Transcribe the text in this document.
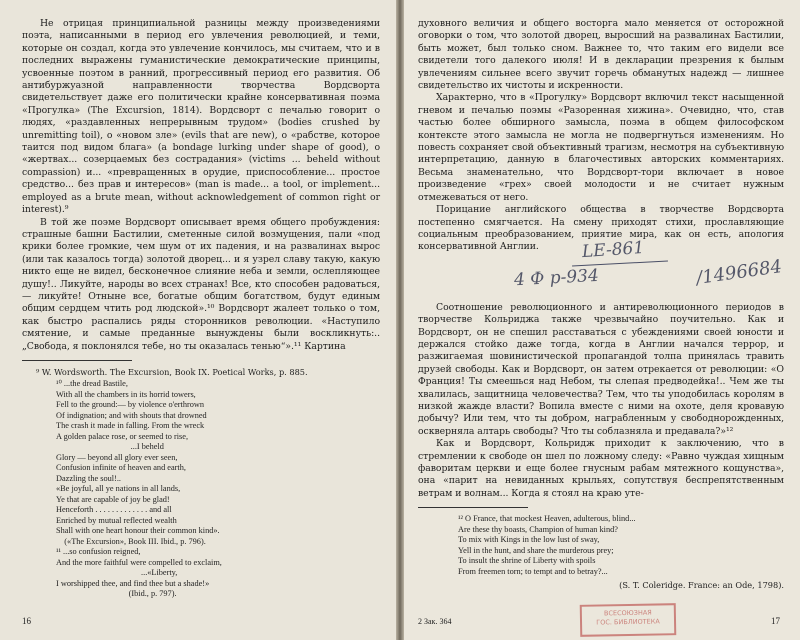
Не отрицая принципиальной разницы между произведениями поэта, написанными в период его увлечения революцией, и теми, которые он создал, когда это увлечение кончилось, мы считаем, что и в последних выражены гуманистические демократические принципы, усвоенные поэтом в ранний, прогрессивный период его развития. Об антибуржуазной направленности творчества Вордсворта свидетельствует даже его политически крайне консервативная поэма «Прогулка» (The Excursion, 1814). Вордсворт с печалью говорит о людях, «раздавленных непрерывным трудом» (bodies crushed by unremitting toil), о «новом зле» (evils that are new), о «рабстве, которое таится под видом блага» (a bondage lurking under shape of good), о «жертвах... созерцаемых без сострадания» (victims ... beheld without compassion) и... «превращенных в орудие, приспособление... простое средство... без прав и интересов» (man is made... a tool, or implement... employed as a brute mean, without acknowledgement of common right or interest).⁹

В той же поэме Вордсворт описывает время общего пробуждения: страшные башни Бастилии, сметенные силой возмущения, пали «под крики более громкие, чем шум от их падения, и на развалинах вырос (или так казалось тогда) золотой дворец... и я узрел славу такую, какую никто еще не видел, бесконечное слияние неба и земли, ослепляющее душу!.. Ликуйте, народы во всех странах! Все, кто способен радоваться,— ликуйте! Отныне все, богатые общим богатством, будут единым общим сердцем чтить род людской».¹⁰ Вордсворт жалеет только о том, как быстро распались ряды сторонников революции. «Наступило смятение, и самые преданные вынуждены были воскликнуть:.. „Свобода, я поклонялся тебе, но ты оказалась тенью“».¹¹ Картина

⁹ W. Wordsworth. The Excursion, Book IX. Poetical Works, p. 885.

¹⁰ ...the dread Bastile,
With all the chambers in its horrid towers,
Fell to the ground:— by violence o'erthrown
Of indignation; and with shouts that drowned
The crash it made in falling. From the wreck
A golden palace rose, or seemed to rise,
...I beheld
Glory — beyond all glory ever seen,
Confusion infinite of heaven and earth,
Dazzling the soul!..
«Be joyful, all ye nations in all lands,
Ye that are capable of joy be glad!
Henceforth . . . . . . . . . . . . . and all
Enriched by mutual reflected wealth
Shall with one heart honour their common kind».
(«The Excursion», Book III. Ibid., p. 796).
¹¹ ...so confusion reigned,
And the more faithful were compelled to exclaim,
...«Liberty,
I worshipped thee, and find thee but a shade!»
(Ibid., p. 797).
16

духовного величия и общего восторга мало меняется от осторожной оговорки о том, что золотой дворец, выросший на развалинах Бастилии, быть может, был только сном. Важнее то, что таким его видели все свидетели того далекого июля! И в декларации презрения к былым увлечениям сильнее всего звучит горечь обманутых надежд — лишнее свидетельство их чистоты и искренности.

Характерно, что в «Прогулку» Вордсворт включил текст насыщенной гневом и печалью поэмы «Разоренная хижина». Очевидно, что, став частью более обширного замысла, поэма в общем философском контексте этого замысла не могла не подвергнуться изменениям. Но повесть сохраняет свой объективный трагизм, несмотря на субъективную интерпретацию, данную в благочестивых авторских комментариях. Весьма знаменательно, что Вордсворт-тори включает в новое произведение «грех» своей молодости и не считает нужным отмежеваться от него.

Порицание английского общества в творчестве Вордсворта постепенно смягчается. На смену приходят стихи, прославляющие социальным преобразованием, приятие мира, как он есть, апология консервативной Англии.	LE-861
4 Ф р-934	/1496684

Соотношение революционного и антиреволюционного периодов в творчестве Кольриджа также чрезвычайно поучительно. Как и Вордсворт, он не спешил расставаться с убеждениями своей юности и держался стойко даже тогда, когда в Англии начался террор, и разжигаемая шовинистической пропагандой толпа принялась травить друзей свободы. Как и Вордсворт, он затем отрекается от революции: «О Франция! Ты смеешься над Небом, ты слепая предводейка!.. Чем же ты хвалилась, защитница человечества? Тем, что ты уподобилась королям в низкой жажде власти? Вопила вместе с ними на охоте, деля кровавую добычу? Или тем, что ты добром, награбленным у свободнорожденных, оскверняла алтарь свободы? Что ты соблазняла и предавала?»¹²

Как и Вордсворт, Кольридж приходит к заключению, что в стремлении к свободе он шел по ложному следу: «Равно чуждая хищным фаворитам церкви и еще более гнусным рабам мятежного кощунства», она «парит на невиданных крыльях, сопутствуя беспрепятственным ветрам и волнам... Когда я стоял на краю уте-

¹² O France, that mockest Heaven, adulterous, blind...
Are these thy boasts, Champion of human kind?
To mix with Kings in the low lust of sway,
Yell in the hunt, and share the murderous prey;
To insult the shrine of Liberty with spoils
From freemen torn; to tempt and to betray?...

(S. T. Coleridge. France: an Ode, 1798).

2 Зак. 364
ВСЕСОЮЗНАЯ
ГОС. БИБЛИОТЕКА	17
